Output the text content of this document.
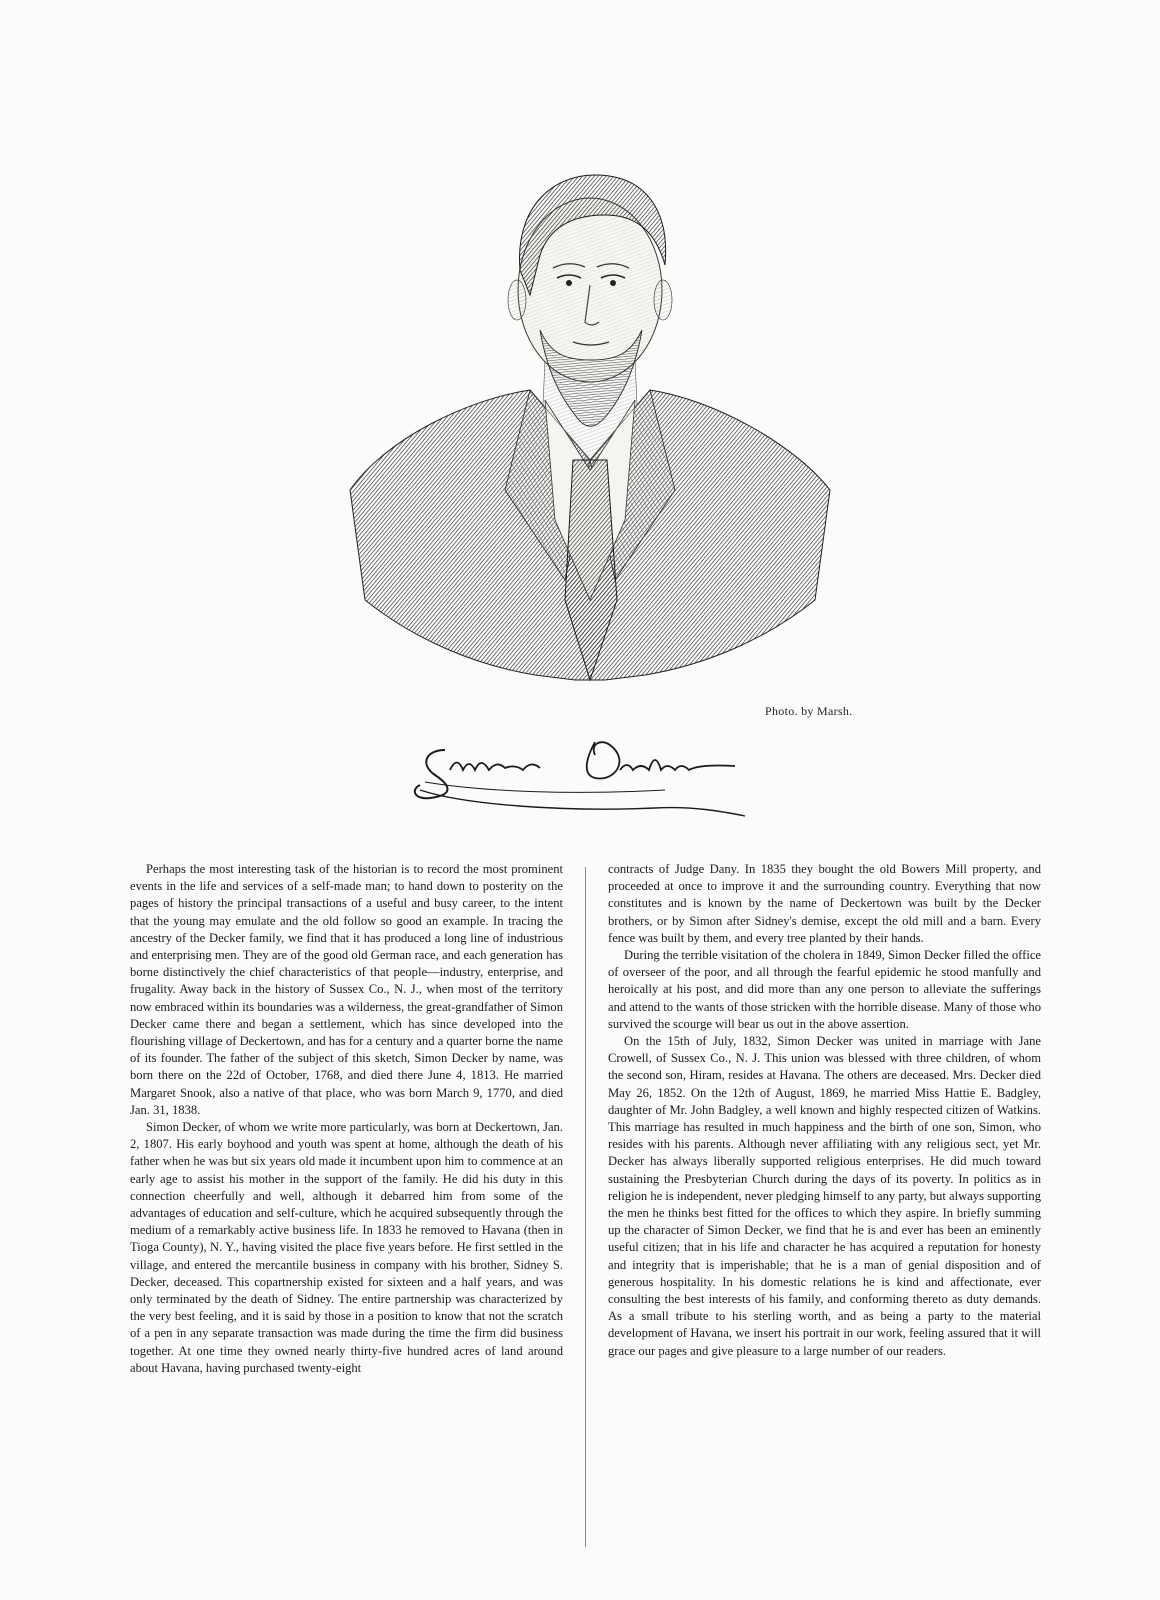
Photo. by Marsh.

Perhaps the most interesting task of the historian is to record the most prominent events in the life and services of a self-made man; to hand down to posterity on the pages of history the principal transactions of a useful and busy career, to the intent that the young may emulate and the old follow so good an example. In tracing the ancestry of the Decker family, we find that it has produced a long line of industrious and enterprising men. They are of the good old German race, and each generation has borne distinctively the chief characteristics of that people—industry, enterprise, and frugality. Away back in the history of Sussex Co., N. J., when most of the territory now embraced within its boundaries was a wilderness, the great-grandfather of Simon Decker came there and began a settlement, which has since developed into the flourishing village of Deckertown, and has for a century and a quarter borne the name of its founder. The father of the subject of this sketch, Simon Decker by name, was born there on the 22d of October, 1768, and died there June 4, 1813. He married Margaret Snook, also a native of that place, who was born March 9, 1770, and died Jan. 31, 1838.

Simon Decker, of whom we write more particularly, was born at Deckertown, Jan. 2, 1807. His early boyhood and youth was spent at home, although the death of his father when he was but six years old made it incumbent upon him to commence at an early age to assist his mother in the support of the family. He did his duty in this connection cheerfully and well, although it debarred him from some of the advantages of education and self-culture, which he acquired subsequently through the medium of a remarkably active business life. In 1833 he removed to Havana (then in Tioga County), N. Y., having visited the place five years before. He first settled in the village, and entered the mercantile business in company with his brother, Sidney S. Decker, deceased. This copartnership existed for sixteen and a half years, and was only terminated by the death of Sidney. The entire partnership was characterized by the very best feeling, and it is said by those in a position to know that not the scratch of a pen in any separate transaction was made during the time the firm did business together. At one time they owned nearly thirty-five hundred acres of land around about Havana, having purchased twenty-eight

contracts of Judge Dany. In 1835 they bought the old Bowers Mill property, and proceeded at once to improve it and the surrounding country. Everything that now constitutes and is known by the name of Deckertown was built by the Decker brothers, or by Simon after Sidney's demise, except the old mill and a barn. Every fence was built by them, and every tree planted by their hands.

During the terrible visitation of the cholera in 1849, Simon Decker filled the office of overseer of the poor, and all through the fearful epidemic he stood manfully and heroically at his post, and did more than any one person to alleviate the sufferings and attend to the wants of those stricken with the horrible disease. Many of those who survived the scourge will bear us out in the above assertion.

On the 15th of July, 1832, Simon Decker was united in marriage with Jane Crowell, of Sussex Co., N. J. This union was blessed with three children, of whom the second son, Hiram, resides at Havana. The others are deceased. Mrs. Decker died May 26, 1852. On the 12th of August, 1869, he married Miss Hattie E. Badgley, daughter of Mr. John Badgley, a well known and highly respected citizen of Watkins. This marriage has resulted in much happiness and the birth of one son, Simon, who resides with his parents. Although never affiliating with any religious sect, yet Mr. Decker has always liberally supported religious enterprises. He did much toward sustaining the Presbyterian Church during the days of its poverty. In politics as in religion he is independent, never pledging himself to any party, but always supporting the men he thinks best fitted for the offices to which they aspire. In briefly summing up the character of Simon Decker, we find that he is and ever has been an eminently useful citizen; that in his life and character he has acquired a reputation for honesty and integrity that is imperishable; that he is a man of genial disposition and of generous hospitality. In his domestic relations he is kind and affectionate, ever consulting the best interests of his family, and conforming thereto as duty demands. As a small tribute to his sterling worth, and as being a party to the material development of Havana, we insert his portrait in our work, feeling assured that it will grace our pages and give pleasure to a large number of our readers.
